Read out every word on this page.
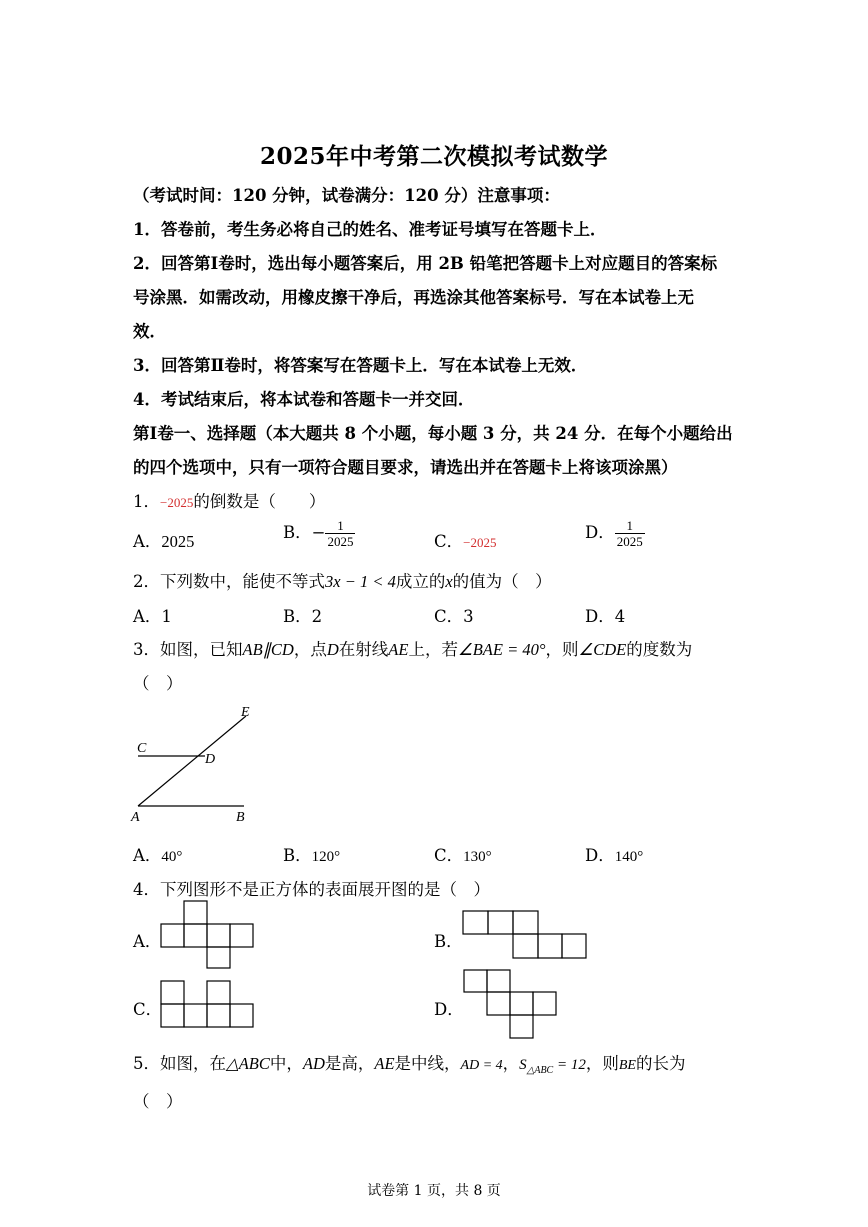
2025年中考第二次模拟考试数学
（考试时间：120 分钟，试卷满分：120 分）注意事项：
1．答卷前，考生务必将自己的姓名、准考证号填写在答题卡上．
2．回答第Ⅰ卷时，选出每小题答案后，用 2B 铅笔把答题卡上对应题目的答案标
号涂黑．如需改动，用橡皮擦干净后，再选涂其他答案标号．写在本试卷上无
效．
3．回答第Ⅱ卷时，将答案写在答题卡上．写在本试卷上无效．
4．考试结束后，将本试卷和答题卡一并交回．
第Ⅰ卷一、选择题（本大题共 8 个小题，每小题 3 分，共 24 分．在每个小题给出
的四个选项中，只有一项符合题目要求，请选出并在答题卡上将该项涂黑）
1．−2025的倒数是（　　）
A．2025	B．− $\frac{1}{2025}$	C．−2025
D． $\frac{1}{2025}$
2．下列数中，能使不等式3x − 1 < 4成立的x的值为（　）
A．1	B．2	C．3	D．4
3．如图，已知AB∥CD，点D在射线AE上，若∠BAE = 40°，则∠CDE的度数为
（　）
E
C
D
A	B
A．40°	B．120°	C．130°	D．140°
4．下列图形不是正方体的表面展开图的是（　）
A．	B．
C．	D．
5．如图，在△ABC中，AD是高，AE是中线，AD = 4，$S_{\triangle ABC} = 12$，则BE的长为
（　）
试卷第 1 页，共 8 页
